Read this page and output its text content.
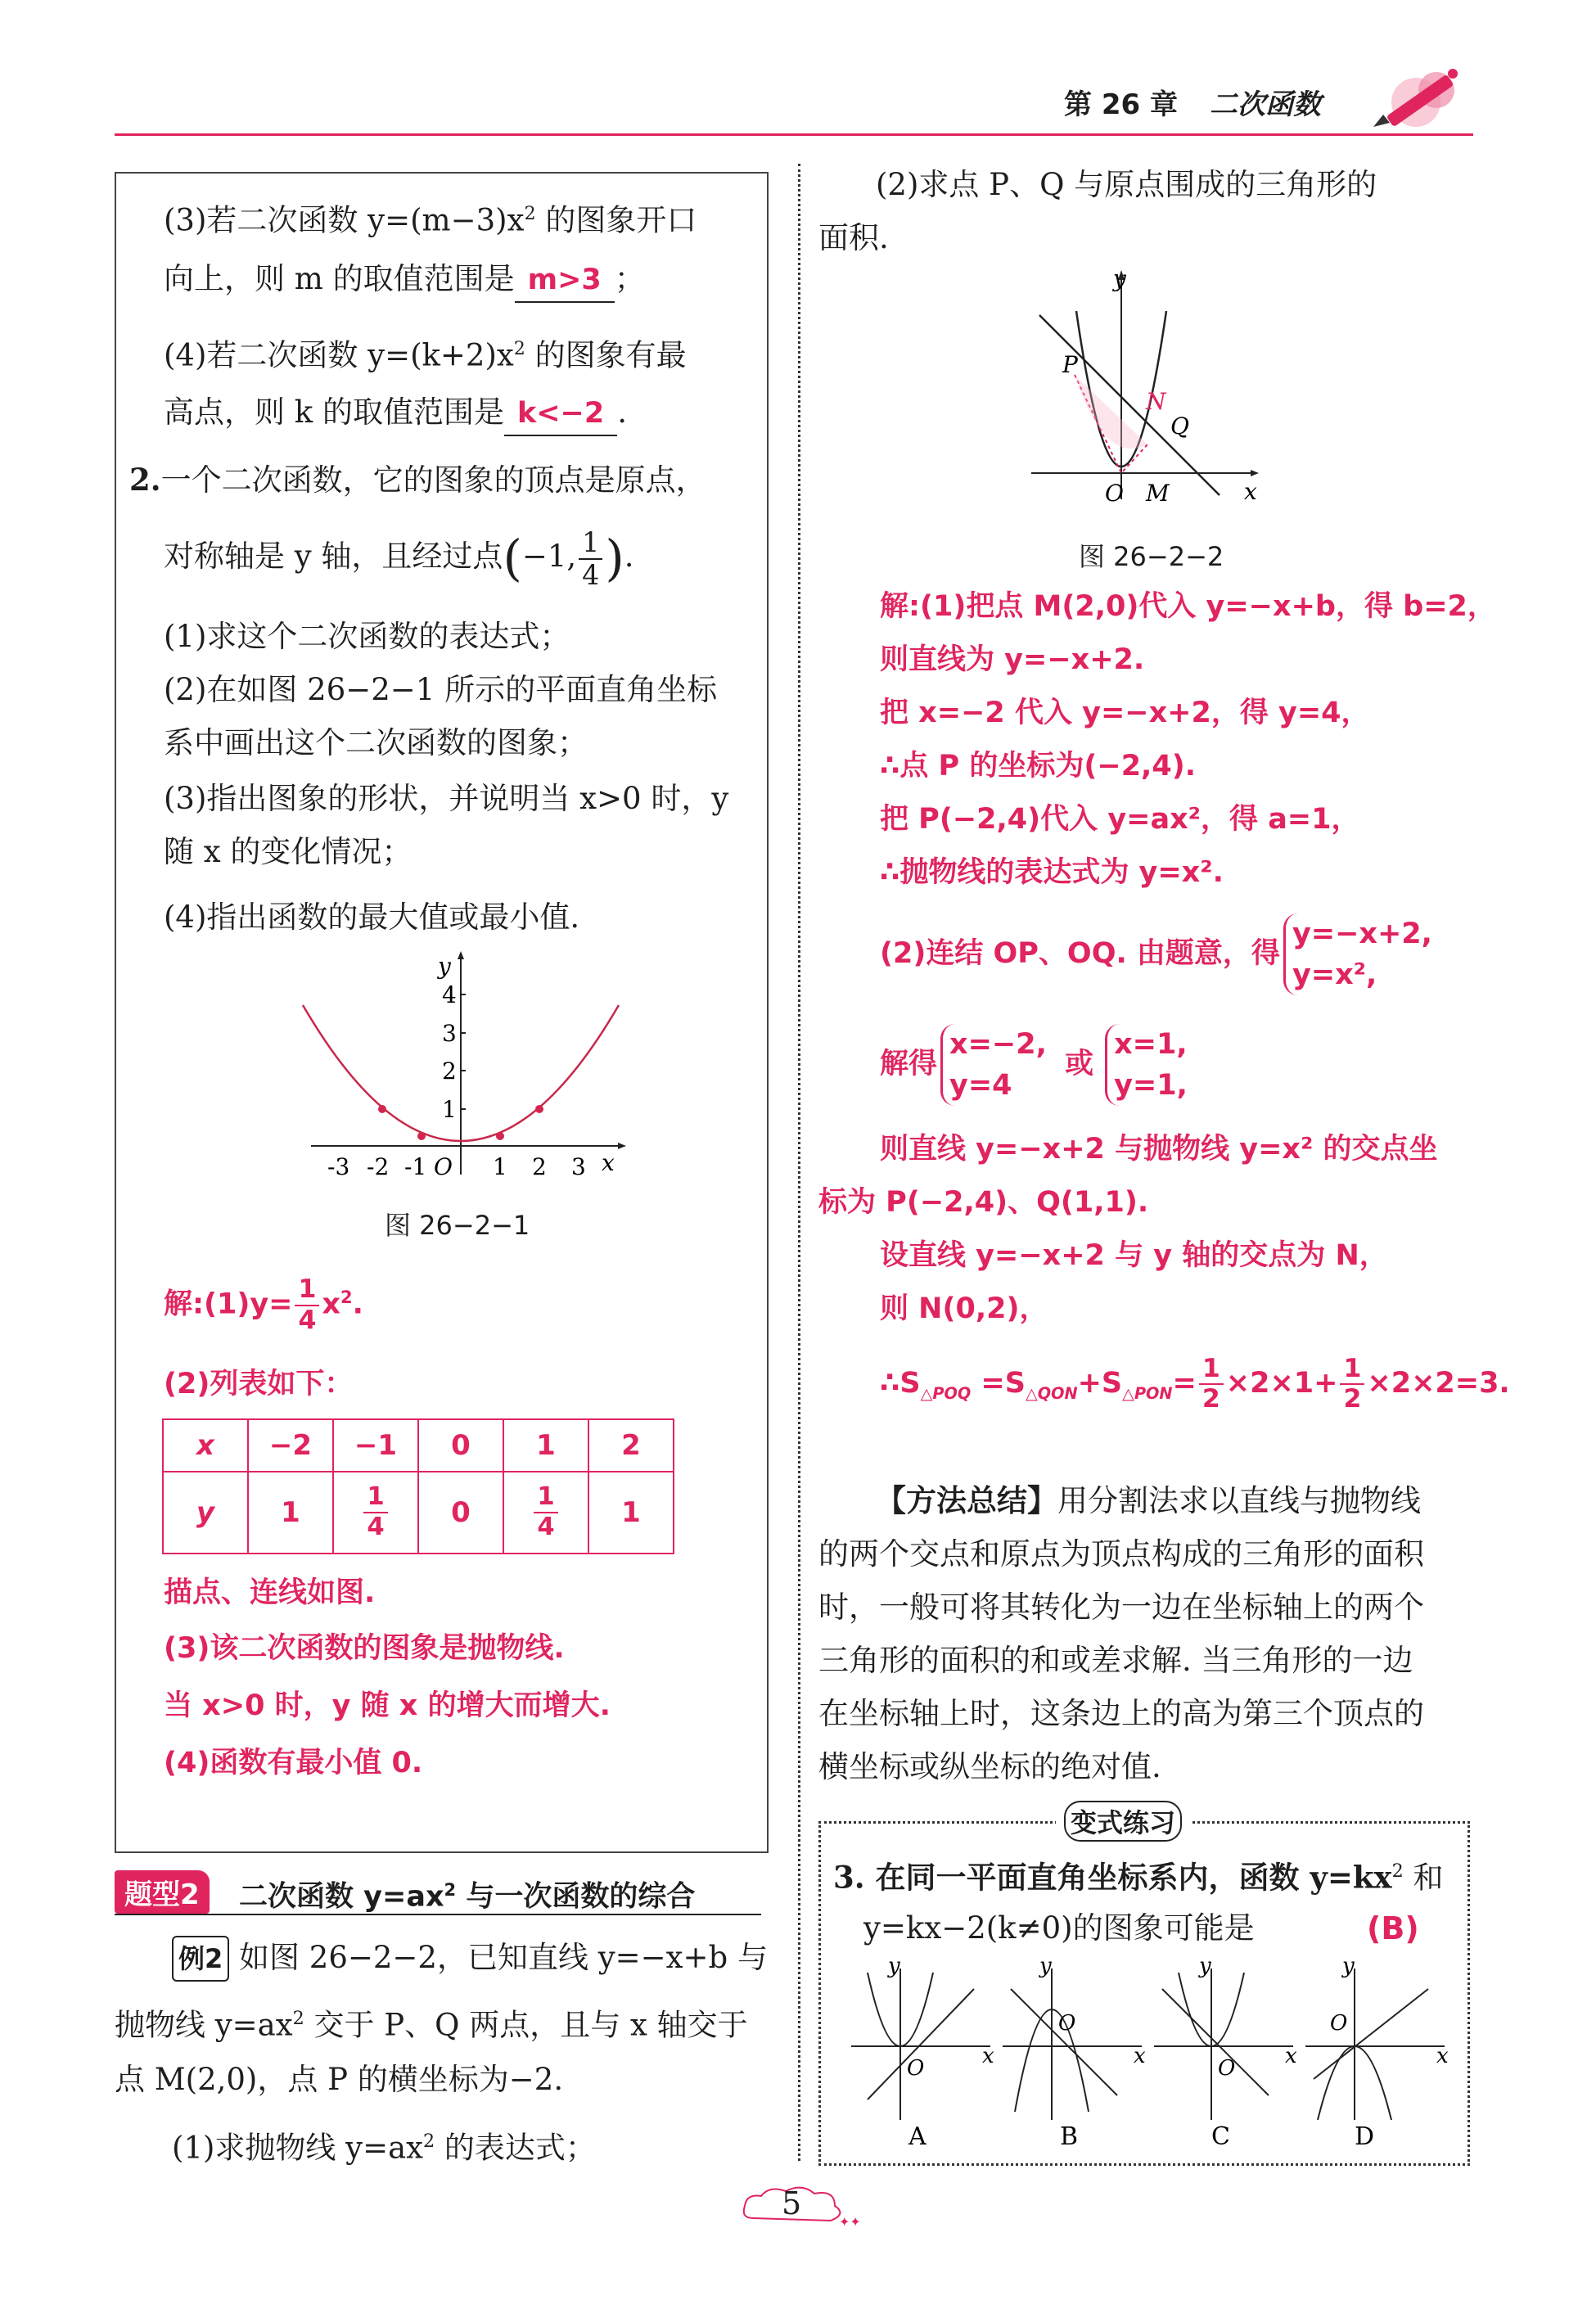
第 26 章 二次函数
(3)若二次函数 $y=(m-3)x^2$ 的图象开口
向上，则 m 的取值范围是 m>3 ；
(4)若二次函数 $y=(k+2)x^2$ 的图象有最
高点，则 k 的取值范围是 k<−2 .
2.一个二次函数，它的图象的顶点是原点，
对称轴是 y 轴，且经过点(−1, $\frac{1}{4}$ ).
(1)求这个二次函数的表达式；
(2)在如图 26−2−1 所示的平面直角坐标
系中画出这个二次函数的图象；
(3)指出图象的形状，并说明当 x>0 时，y
随 x 的变化情况；
(4)指出函数的最大值或最小值.
-3 -2 -1 O 1 2 3 x
1
2
3
4
y
图 26−2−1
解:(1)y= $\frac{1}{4} x^2$.
(2)列表如下：
x	−2	−1	0	1	2
y	1	$\frac{1}{4}$	0	$\frac{1}{4}$	1
描点、连线如图.
(3)该二次函数的图象是抛物线.
当 x>0 时，y 随 x 的增大而增大.
(4)函数有最小值 0.
题型2	二次函数 $y=ax^2$ 与一次函数的综合
例2 如图 26−2−2，已知直线 y=−x+b 与
抛物线 $y=ax^2$ 交于 P、Q 两点，且与 x 轴交于
点 M(2,0)，点 P 的横坐标为−2.
(1)求抛物线 $y=ax^2$ 的表达式；
(2)求点 P、Q 与原点围成的三角形的
面积.
y
P
N
Q
O M	x
图 26−2−2
解:(1)把点 M(2,0)代入 y=−x+b，得 b=2，
则直线为 y=−x+2.
把 x=−2 代入 y=−x+2，得 y=4，
∴点 P 的坐标为(−2,4).
把 P(−2,4)代入 y=ax²，得 a=1，
∴抛物线的表达式为 y=x².
(2)连结 OP、OQ. 由题意，得
y=−x+2,
y=x²,
解得
x=−2,
y=4
或
x=1,
y=1,
则直线 y=−x+2 与抛物线 y=x² 的交点坐
标为 P(−2,4)、Q(1,1).
设直线 y=−x+2 与 y 轴的交点为 N，
则 N(0,2)，
$\therefore S_{\triangle POQ} =S_{\triangle QON}+S_{\triangle PON}= \frac{1}{2} \times 2\times 1+ \frac{1}{2} \times 2\times 2=3$.
【方法总结】用分割法求以直线与抛物线
的两个交点和原点为顶点构成的三角形的面积
时，一般可将其转化为一边在坐标轴上的两个
三角形的面积的和或差求解. 当三角形的一边
在坐标轴上时，这条边上的高为第三个顶点的
横坐标或纵坐标的绝对值.
变式练习
3. 在同一平面直角坐标系内，函数 $y=kx^2$ 和
y=kx−2(k≠0)的图象可能是	(B)
O	x
y
A
O
x
y
B
O x
y
C
O
x
y
D
✦✦
5
